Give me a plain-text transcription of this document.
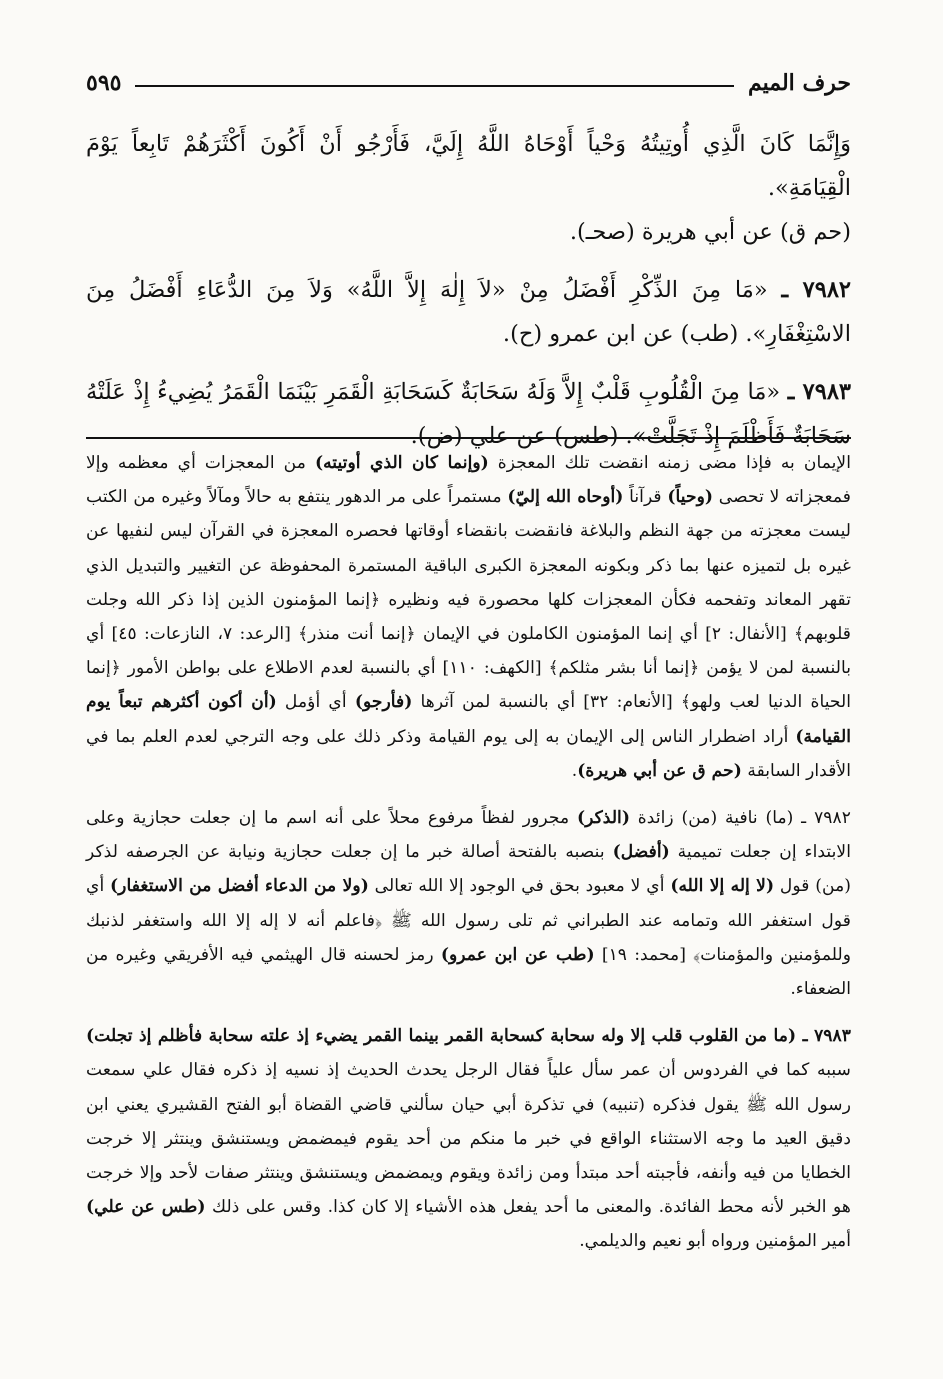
حرف الميم
٥٩٥

وَإِنَّمَا كَانَ الَّذِي أُوتِيتُهُ وَحْياً أَوْحَاهُ اللَّهُ إِلَيَّ، فَأَرْجُو أَنْ أَكُونَ أَكْثَرَهُمْ تَابِعاً يَوْمَ الْقِيَامَةِ».

(حم ق) عن أبي هريرة (صحـ).

٧٩٨٢ ـ «مَا مِنَ الذِّكْرِ أَفْضَلُ مِنْ «لاَ إِلٰهَ إِلاَّ اللَّهُ» وَلاَ مِنَ الدُّعَاءِ أَفْضَلُ مِنَ الاسْتِغْفَارِ». (طب) عن ابن عمرو (ح).

٧٩٨٣ ـ «مَا مِنَ الْقُلُوبِ قَلْبٌ إِلاَّ وَلَهُ سَحَابَةٌ كَسَحَابَةِ الْقَمَرِ بَيْنَمَا الْقَمَرُ يُضِيءُ إِذْ عَلَتْهُ سَحَابَةٌ فَأَظْلَمَ إِذْ تَجَلَّتْ». (طس) عن علي (ض).

الإيمان به فإذا مضى زمنه انقضت تلك المعجزة (وإنما كان الذي أوتيته) من المعجزات أي معظمه وإلا فمعجزاته لا تحصى (وحياً) قرآناً (أوحاه الله إليّ) مستمراً على مر الدهور ينتفع به حالاً ومآلاً وغيره من الكتب ليست معجزته من جهة النظم والبلاغة فانقضت بانقضاء أوقاتها فحصره المعجزة في القرآن ليس لنفيها عن غيره بل لتميزه عنها بما ذكر وبكونه المعجزة الكبرى الباقية المستمرة المحفوظة عن التغيير والتبديل الذي تقهر المعاند وتفحمه فكأن المعجزات كلها محصورة فيه ونظيره ﴿إنما المؤمنون الذين إذا ذكر الله وجلت قلوبهم﴾ [الأنفال: ٢] أي إنما المؤمنون الكاملون في الإيمان ﴿إنما أنت منذر﴾ [الرعد: ٧، النازعات: ٤٥] أي بالنسبة لمن لا يؤمن ﴿إنما أنا بشر مثلكم﴾ [الكهف: ١١٠] أي بالنسبة لعدم الاطلاع على بواطن الأمور ﴿إنما الحياة الدنيا لعب ولهو﴾ [الأنعام: ٣٢] أي بالنسبة لمن آثرها (فأرجو) أي أؤمل (أن أكون أكثرهم تبعاً يوم القيامة) أراد اضطرار الناس إلى الإيمان به إلى يوم القيامة وذكر ذلك على وجه الترجي لعدم العلم بما في الأقدار السابقة (حم ق عن أبي هريرة).

٧٩٨٢ ـ (ما) نافية (من) زائدة (الذكر) مجرور لفظاً مرفوع محلاً على أنه اسم ما إن جعلت حجازية وعلى الابتداء إن جعلت تميمية (أفضل) بنصبه بالفتحة أصالة خبر ما إن جعلت حجازية ونيابة عن الجرصفه لذكر (من) قول (لا إله إلا الله) أي لا معبود بحق في الوجود إلا الله تعالى (ولا من الدعاء أفضل من الاستغفار) أي قول استغفر الله وتمامه عند الطبراني ثم تلى رسول الله ﷺ ﴿فاعلم أنه لا إله إلا الله واستغفر لذنبك وللمؤمنين والمؤمنات﴾ [محمد: ١٩] (طب عن ابن عمرو) رمز لحسنه قال الهيثمي فيه الأفريقي وغيره من الضعفاء.

٧٩٨٣ ـ (ما من القلوب قلب إلا وله سحابة كسحابة القمر بينما القمر يضيء إذ علته سحابة فأظلم إذ تجلت) سببه كما في الفردوس أن عمر سأل علياً فقال الرجل يحدث الحديث إذ نسيه إذ ذكره فقال علي سمعت رسول الله ﷺ يقول فذكره (تنبيه) في تذكرة أبي حيان سألني قاضي القضاة أبو الفتح القشيري يعني ابن دقيق العيد ما وجه الاستثناء الواقع في خبر ما منكم من أحد يقوم فيمضمض ويستنشق وينتثر إلا خرجت الخطايا من فيه وأنفه، فأجبته أحد مبتدأ ومن زائدة ويقوم ويمضمض ويستنشق وينتثر صفات لأحد وإلا خرجت هو الخبر لأنه محط الفائدة. والمعنى ما أحد يفعل هذه الأشياء إلا كان كذا. وقس على ذلك (طس عن علي) أمير المؤمنين ورواه أبو نعيم والديلمي.
